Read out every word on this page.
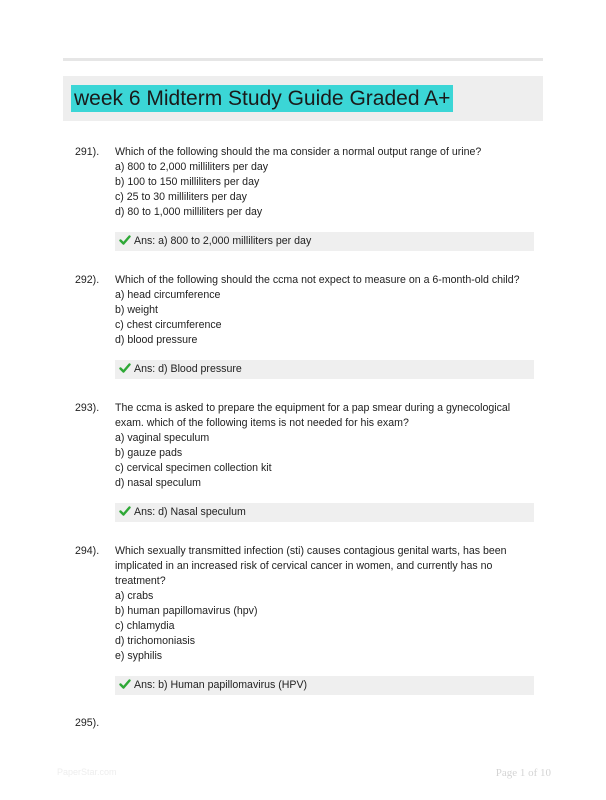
week 6 Midterm Study Guide Graded A+
291).	Which of the following should the ma consider a normal output range of urine?
a) 800 to 2,000 milliliters per day
b) 100 to 150 milliliters per day
c) 25 to 30 milliliters per day
d) 80 to 1,000 milliliters per day
Ans: a) 800 to 2,000 milliliters per day
292).	Which of the following should the ccma not expect to measure on a 6-month-old child?
a) head circumference
b) weight
c) chest circumference
d) blood pressure
Ans: d) Blood pressure
293).	The ccma is asked to prepare the equipment for a pap smear during a gynecological
exam. which of the following items is not needed for his exam?
a) vaginal speculum
b) gauze pads
c) cervical specimen collection kit
d) nasal speculum
Ans: d) Nasal speculum
294).	Which sexually transmitted infection (sti) causes contagious genital warts, has been
implicated in an increased risk of cervical cancer in women, and currently has no
treatment?
a) crabs
b) human papillomavirus (hpv)
c) chlamydia
d) trichomoniasis
e) syphilis
Ans: b) Human papillomavirus (HPV)
295).
PaperStar.com	Page 1 of 10
